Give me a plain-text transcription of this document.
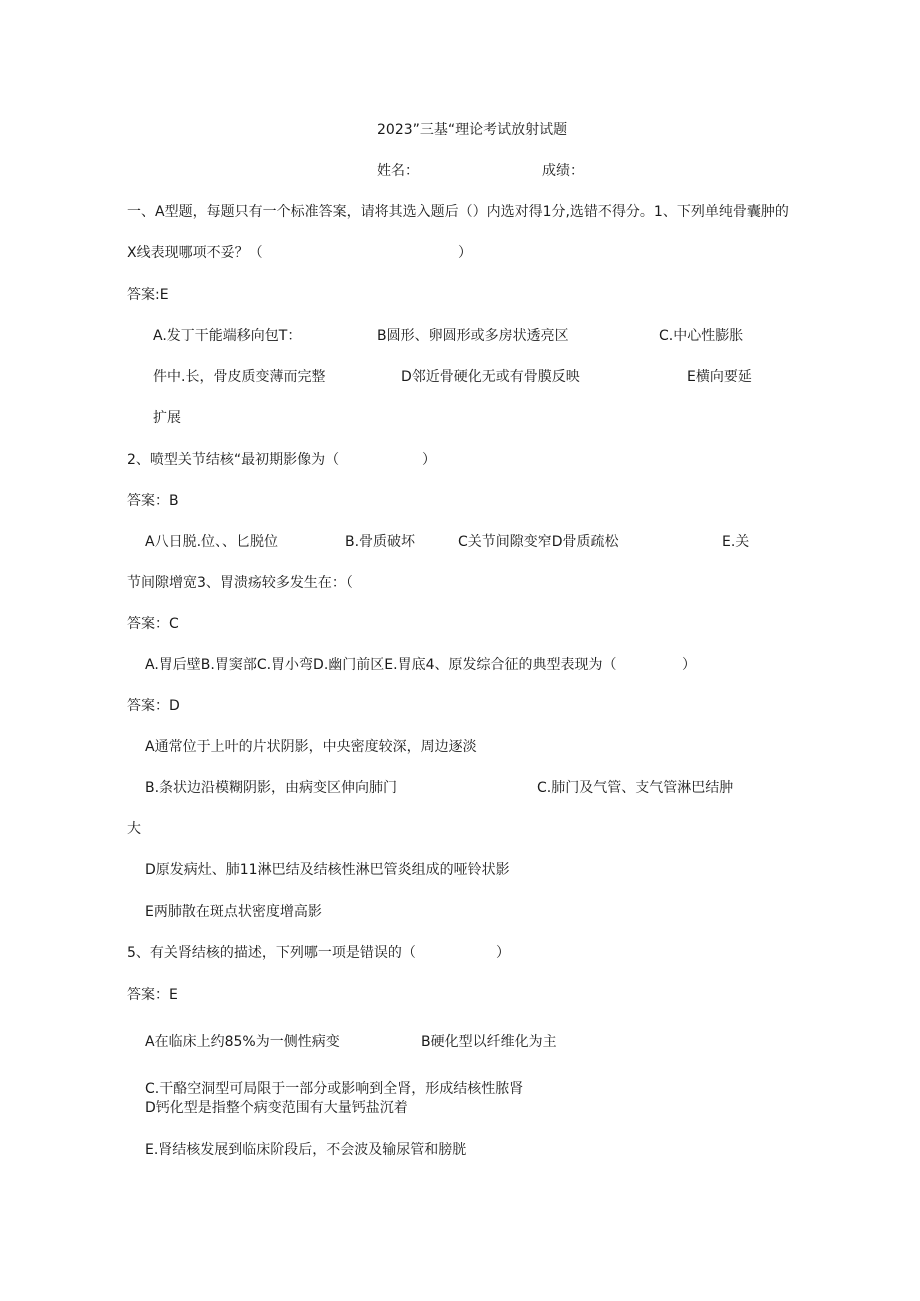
2023”三基“理论考试放射试题
姓名：	成绩：
一、A型题，每题只有一个标准答案，请将其选入题后（）内选对得1分,选错不得分。1、下列单纯骨囊肿的
X线表现哪项不妥？（	）
答案:E
A.发丁干能端移向包T：	B圆形、卵圆形或多房状透亮区	C.中心性膨胀
件中.长，骨皮质变薄而完整	D邻近骨硬化无或有骨膜反映	E横向要延
扩展
2、喷型关节结核“最初期影像为（	）
答案：B
A八日脱.位、、匕脱位	B.骨质破坏	C关节间隙变窄D骨质疏松	E.关
节间隙增宽3、胃溃疡较多发生在：（
答案：C
A.胃后壁B.胃窦部C.胃小弯D.幽门前区E.胃底4、原发综合征的典型表现为（	）
答案：D
A通常位于上叶的片状阴影，中央密度较深，周边逐淡
B.条状边沿模糊阴影，由病变区伸向肺门	C.肺门及气管、支气管淋巴结肿
大
D原发病灶、肺11淋巴结及结核性淋巴管炎组成的哑铃状影
E两肺散在斑点状密度增高影
5、有关肾结核的描述，下列哪一项是错误的（	）
答案：E
A在临床上约85%为一侧性病变	B硬化型以纤维化为主
C.干酪空洞型可局限于一部分或影响到全肾，形成结核性脓肾
D钙化型是指整个病变范围有大量钙盐沉着
E.肾结核发展到临床阶段后，不会波及输尿管和膀胱
